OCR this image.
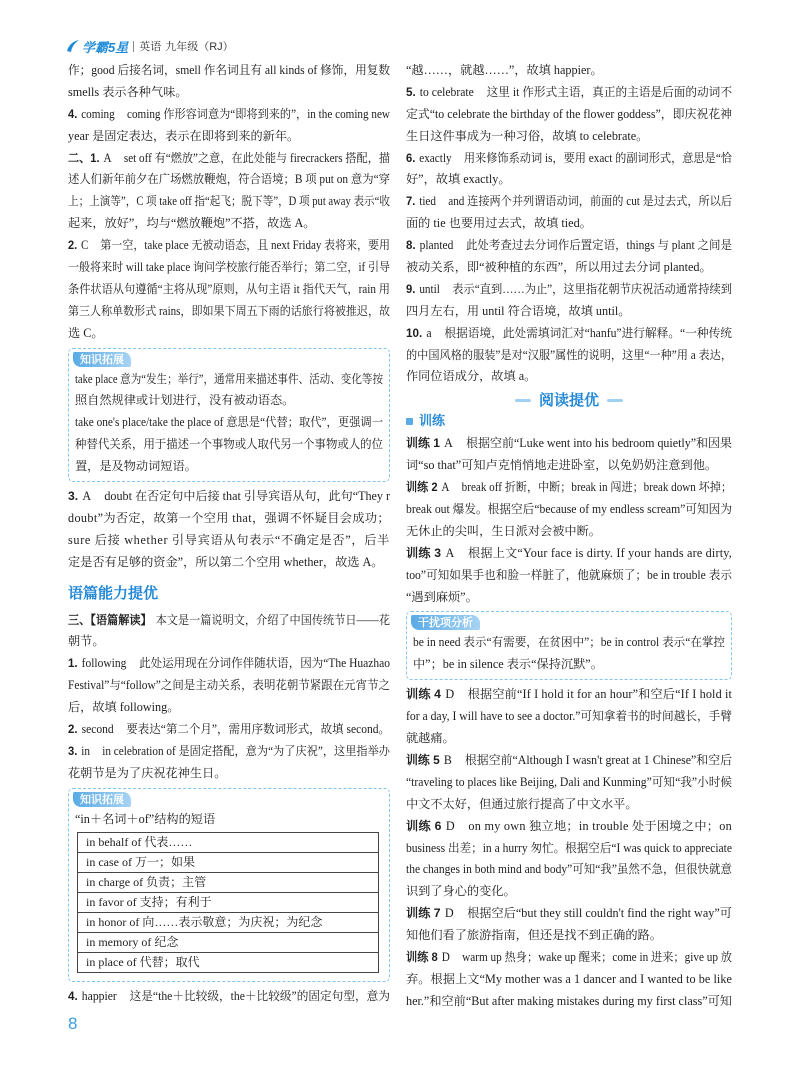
学霸5星 英语 九年级（RJ）
作；good 后接名词，smell 作名词且有 all kinds of 修饰，用复数
smells 表示各种气味。
4. coming coming 作形容词意为“即将到来的”，in the coming new
year 是固定表达，表示在即将到来的新年。
二、1. A set off 有“燃放”之意，在此处能与 firecrackers 搭配，描
述人们新年前夕在广场燃放鞭炮，符合语境；B 项 put on 意为“穿
上；上演等”，C 项 take off 指“起飞；脱下等”，D 项 put away 表示“收
起来，放好”，均与“燃放鞭炮”不搭，故选 A。
2. C 第一空，take place 无被动语态，且 next Friday 表将来，要用
一般将来时 will take place 询问学校旅行能否举行；第二空，if 引导
条件状语从句遵循“主将从现”原则，从句主语 it 指代天气，rain 用
第三人称单数形式 rains，即如果下周五下雨的话旅行将被推迟，故
选 C。
知识拓展
take place 意为“发生；举行”，通常用来描述事件、活动、变化等按
照自然规律或计划进行，没有被动语态。
take one's place/take the place of 意思是“代替；取代”，更强调一
种替代关系，用于描述一个事物或人取代另一个事物或人的位
置，是及物动词短语。
3. A doubt 在否定句中后接 that 引导宾语从句，此句“They r
doubt”为否定，故第一个空用 that，强调不怀疑目会成功；
sure 后接 whether 引导宾语从句表示“不确定是否”，后半
定是否有足够的资金”，所以第二个空用 whether，故选 A。
语篇能力提优
三、【语篇解读】 本文是一篇说明文，介绍了中国传统节日——花
朝节。
1. following 此处运用现在分词作伴随状语，因为“The Huazhao
Festival”与“follow”之间是主动关系，表明花朝节紧跟在元宵节之
后，故填 following。
2. second 要表达“第二个月”，需用序数词形式，故填 second。
3. in in celebration of 是固定搭配，意为“为了庆祝”，这里指举办
花朝节是为了庆祝花神生日。
知识拓展
“in＋名词＋of”结构的短语
in behalf of 代表……
in case of 万一；如果
in charge of 负责；主管
in favor of 支持；有利于
in honor of 向……表示敬意；为庆祝；为纪念
in memory of 纪念
in place of 代替；取代
4. happier 这是“the＋比较级，the＋比较级”的固定句型，意为
“越……，就越……”，故填 happier。
5. to celebrate 这里 it 作形式主语，真正的主语是后面的动词不
定式“to celebrate the birthday of the flower goddess”，即庆祝花神
生日这件事成为一种习俗，故填 to celebrate。
6. exactly 用来修饰系动词 is，要用 exact 的副词形式，意思是“恰
好”，故填 exactly。
7. tied and 连接两个并列谓语动词，前面的 cut 是过去式，所以后
面的 tie 也要用过去式，故填 tied。
8. planted 此处考查过去分词作后置定语，things 与 plant 之间是
被动关系，即“被种植的东西”，所以用过去分词 planted。
9. until 表示“直到……为止”，这里指花朝节庆祝活动通常持续到
四月左右，用 until 符合语境，故填 until。
10. a 根据语境，此处需填词汇对“hanfu”进行解释。“一种传统
的中国风格的服装”是对“汉服”属性的说明，这里“一种”用 a 表达，
作同位语成分，故填 a。
阅读提优
训练
训练 1 A 根据空前“Luke went into his bedroom quietly”和因果
词“so that”可知卢克悄悄地走进卧室，以免奶奶注意到他。
训练 2 A break off 折断，中断；break in 闯进；break down 坏掉；
break out 爆发。根据空后“because of my endless scream”可知因为
无休止的尖叫，生日派对会被中断。
训练 3 A 根据上文“Your face is dirty. If your hands are dirty,
too”可知如果手也和脸一样脏了，他就麻烦了；be in trouble 表示
“遇到麻烦”。
干扰项分析
be in need 表示“有需要，在贫困中”；be in control 表示“在掌控
中”；be in silence 表示“保持沉默”。
训练 4 D 根据空前“If I hold it for an hour”和空后“If I hold it
for a day, I will have to see a doctor.”可知拿着书的时间越长，手臂
就越痛。
训练 5 B 根据空前“Although I wasn't great at 1 Chinese”和空后
“traveling to places like Beijing, Dali and Kunming”可知“我”小时候
中文不太好，但通过旅行提高了中文水平。
训练 6 D on my own 独立地；in trouble 处于困境之中；on
business 出差；in a hurry 匆忙。根据空后“I was quick to appreciate
the changes in both mind and body”可知“我”虽然不急，但很快就意
识到了身心的变化。
训练 7 D 根据空后“but they still couldn't find the right way”可
知他们看了旅游指南，但还是找不到正确的路。
训练 8 D warm up 热身；wake up 醒来；come in 进来；give up 放
弃。根据上文“My mother was a 1 dancer and I wanted to be like
her.”和空前“But after making mistakes during my first class”可知
8
